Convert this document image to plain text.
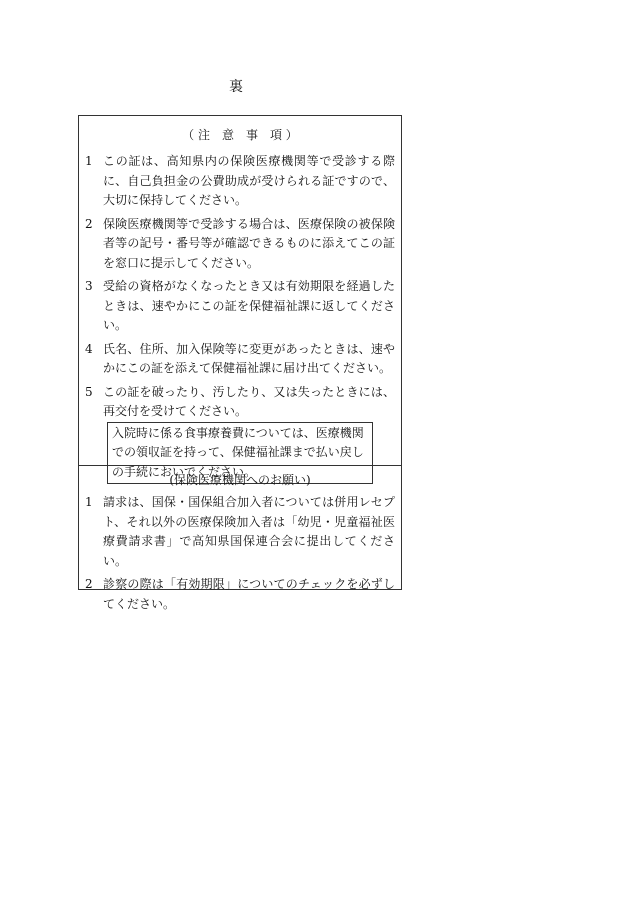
裏
（ 注　意　事　項 ）
1 この証は、高知県内の保険医療機関等で受診する際に、自己負担金の公費助成が受けられる証ですので、大切に保持してください。
2 保険医療機関等で受診する場合は、医療保険の被保険者等の記号・番号等が確認できるものに添えてこの証を窓口に提示してください。
3 受給の資格がなくなったとき又は有効期限を経過したときは、速やかにこの証を保健福祉課に返してください。
4 氏名、住所、加入保険等に変更があったときは、速やかにこの証を添えて保健福祉課に届け出てください。
5 この証を破ったり、汚したり、又は失ったときには、再交付を受けてください。
入院時に係る食事療養費については、医療機関での領収証を持って、保健福祉課まで払い戻しの手続においでください。
(保険医療機関へのお願い)
1 請求は、国保・国保組合加入者については併用レセプト、それ以外の医療保険加入者は「幼児・児童福祉医療費請求書」で高知県国保連合会に提出してください。
2 診察の際は「有効期限」についてのチェックを必ずしてください。
